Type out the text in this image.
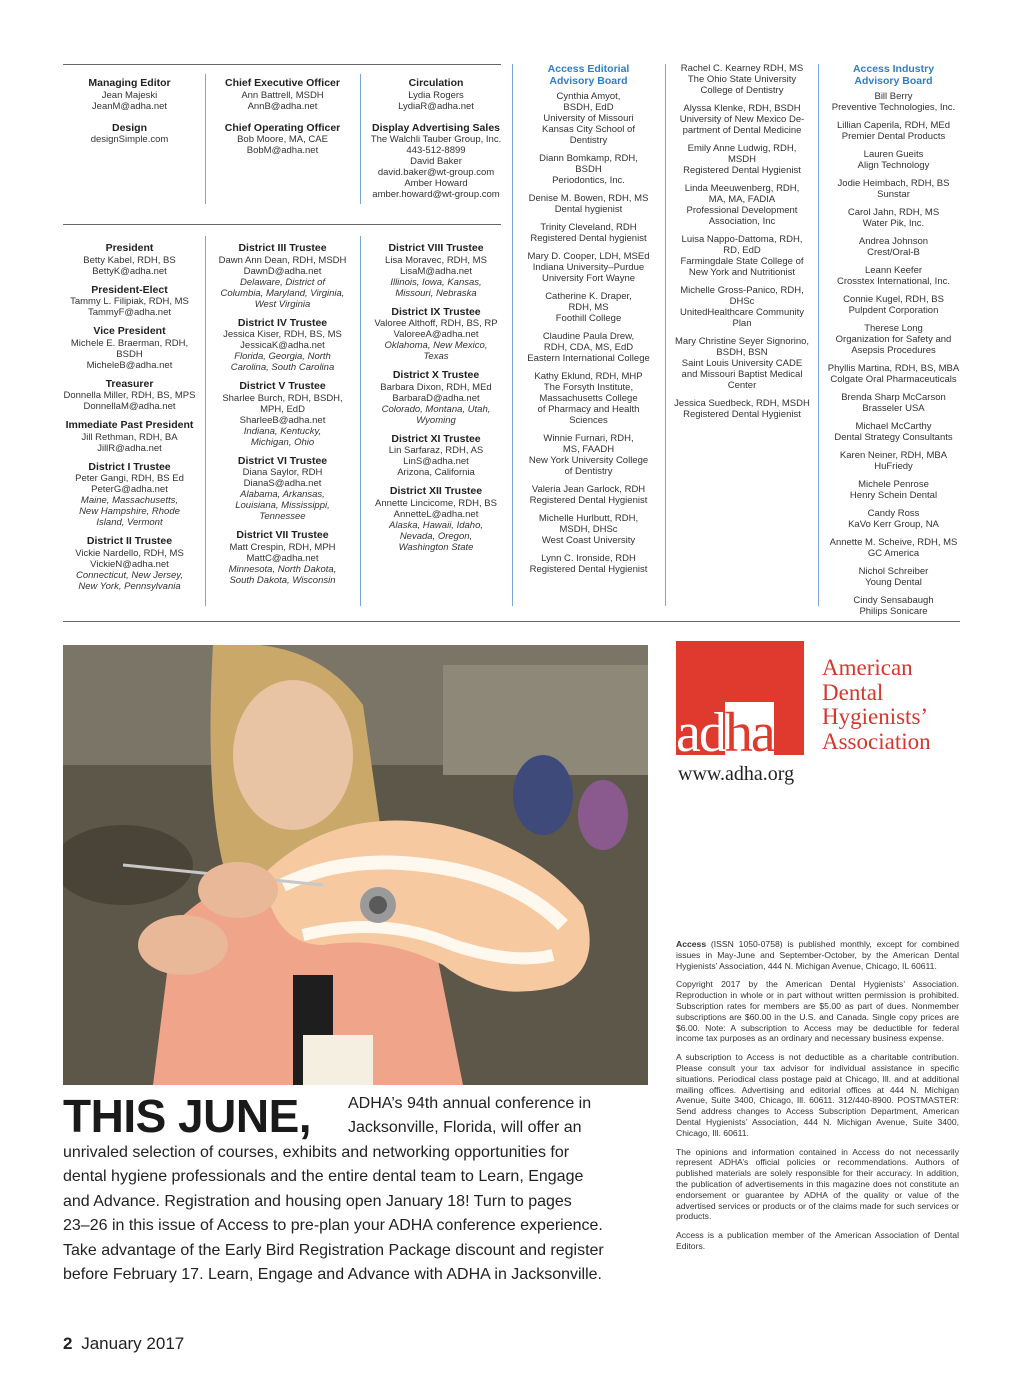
Managing Editor
Jean Majeski
JeanM@adha.net
Design
designSimple.com
Chief Executive Officer
Ann Battrell, MSDH
AnnB@adha.net
Chief Operating Officer
Bob Moore, MA, CAE
BobM@adha.net
Circulation
Lydia Rogers
LydiaR@adha.net
Display Advertising Sales
The Walchli Tauber Group, Inc.
443-512-8899
David Baker
david.baker@wt-group.com
Amber Howard
amber.howard@wt-group.com
President
Betty Kabel, RDH, BS
BettyK@adha.net
President-Elect
Tammy L. Filipiak, RDH, MS
TammyF@adha.net
Vice President
Michele E. Braerman, RDH,
BSDH
MicheleB@adha.net
Treasurer
Donnella Miller, RDH, BS, MPS
DonnellaM@adha.net
Immediate Past President
Jill Rethman, RDH, BA
JillR@adha.net
District I Trustee
Peter Gangi, RDH, BS Ed
PeterG@adha.net
Maine, Massachusetts,
New Hampshire, Rhode
Island, Vermont
District II Trustee
Vickie Nardello, RDH, MS
VickieN@adha.net
Connecticut, New Jersey,
New York, Pennsylvania
District III Trustee
Dawn Ann Dean, RDH, MSDH
DawnD@adha.net
Delaware, District of
Columbia, Maryland, Virginia,
West Virginia
District IV Trustee
Jessica Kiser, RDH, BS, MS
JessicaK@adha.net
Florida, Georgia, North
Carolina, South Carolina
District V Trustee
Sharlee Burch, RDH, BSDH,
MPH, EdD
SharleeB@adha.net
Indiana, Kentucky,
Michigan, Ohio
District VI Trustee
Diana Saylor, RDH
DianaS@adha.net
Alabama, Arkansas,
Louisiana, Mississippi,
Tennessee
District VII Trustee
Matt Crespin, RDH, MPH
MattC@adha.net
Minnesota, North Dakota,
South Dakota, Wisconsin
District VIII Trustee
Lisa Moravec, RDH, MS
LisaM@adha.net
Illinois, Iowa, Kansas,
Missouri, Nebraska
District IX Trustee
Valoree Althoff, RDH, BS, RP
ValoreeA@adha.net
Oklahoma, New Mexico,
Texas
District X Trustee
Barbara Dixon, RDH, MEd
BarbaraD@adha.net
Colorado, Montana, Utah,
Wyoming
District XI Trustee
Lin Sarfaraz, RDH, AS
LinS@adha.net
Arizona, California
District XII Trustee
Annette Lincicome, RDH, BS
AnnetteL@adha.net
Alaska, Hawaii, Idaho,
Nevada, Oregon,
Washington State
Access Editorial
Advisory Board
Cynthia Amyot,
BSDH, EdD
University of Missouri
Kansas City School of
Dentistry
Diann Bomkamp, RDH,
BSDH
Periodontics, Inc.
Denise M. Bowen, RDH, MS
Dental hygienist
Trinity Cleveland, RDH
Registered Dental hygienist
Mary D. Cooper, LDH, MSEd
Indiana University–Purdue
University Fort Wayne
Catherine K. Draper,
RDH, MS
Foothill College
Claudine Paula Drew,
RDH, CDA, MS, EdD
Eastern International College
Kathy Eklund, RDH, MHP
The Forsyth Institute,
Massachusetts College
of Pharmacy and Health
Sciences
Winnie Furnari, RDH,
MS, FAADH
New York University College
of Dentistry
Valeria Jean Garlock, RDH
Registered Dental Hygienist
Michelle Hurlbutt, RDH,
MSDH, DHSc
West Coast University
Lynn C. Ironside, RDH
Registered Dental Hygienist
Rachel C. Kearney RDH, MS
The Ohio State University
College of Dentistry
Alyssa Klenke, RDH, BSDH
University of New Mexico De-
partment of Dental Medicine
Emily Anne Ludwig, RDH,
MSDH
Registered Dental Hygienist
Linda Meeuwenberg, RDH,
MA, MA, FADIA
Professional Development
Association, Inc
Luisa Nappo-Dattoma, RDH,
RD, EdD
Farmingdale State College of
New York and Nutritionist
Michelle Gross-Panico, RDH,
DHSc
UnitedHealthcare Community
Plan
Mary Christine Seyer Signorino,
BSDH, BSN
Saint Louis University CADE
and Missouri Baptist Medical
Center
Jessica Suedbeck, RDH, MSDH
Registered Dental Hygienist
Access Industry
Advisory Board
Bill Berry
Preventive Technologies, Inc.
Lillian Caperila, RDH, MEd
Premier Dental Products
Lauren Gueits
Align Technology
Jodie Heimbach, RDH, BS
Sunstar
Carol Jahn, RDH, MS
Water Pik, Inc.
Andrea Johnson
Crest/Oral-B
Leann Keefer
Crosstex International, Inc.
Connie Kugel, RDH, BS
Pulpdent Corporation
Therese Long
Organization for Safety and
Asepsis Procedures
Phyllis Martina, RDH, BS, MBA
Colgate Oral Pharmaceuticals
Brenda Sharp McCarson
Brasseler USA
Michael McCarthy
Dental Strategy Consultants
Karen Neiner, RDH, MBA
HuFriedy
Michele Penrose
Henry Schein Dental
Candy Ross
KaVo Kerr Group, NA
Annette M. Scheive, RDH, MS
GC America
Nichol Schreiber
Young Dental
Cindy Sensabaugh
Philips Sonicare
adha
American
Dental
Hygienists’
Association
www.adha.org

Access (ISSN 1050-0758) is published monthly, except for combined issues in May-June and September-October, by the American Dental Hygienists’ Association, 444 N. Michigan Avenue, Chicago, IL 60611.

Copyright 2017 by the American Dental Hygienists’ Association. Reproduction in whole or in part without written permission is prohibited. Subscription rates for members are $5.00 as part of dues. Nonmember subscriptions are $60.00 in the U.S. and Canada. Single copy prices are $6.00. Note: A subscription to Access may be deductible for federal income tax purposes as an ordinary and necessary business expense.

A subscription to Access is not deductible as a charitable contribution. Please consult your tax advisor for individual assistance in specific situations. Periodical class postage paid at Chicago, Ill. and at additional mailing offices. Advertising and editorial offices at 444 N. Michigan Avenue, Suite 3400, Chicago, Ill. 60611. 312/440-8900. POSTMASTER: Send address changes to Access Subscription Department, American Dental Hygienists’ Association, 444 N. Michigan Avenue, Suite 3400, Chicago, Ill. 60611.

The opinions and information contained in Access do not necessarily represent ADHA’s official policies or recommendations. Authors of published materials are solely responsible for their accuracy. In addition, the publication of advertisements in this magazine does not constitute an endorsement or guarantee by ADHA of the quality or value of the advertised services or products or of the claims made for such services or products.

Access is a publication member of the American Association of Dental Editors.

THIS JUNE, ADHA’s 94th annual conference in
Jacksonville, Florida, will offer an
unrivaled selection of courses, exhibits and networking opportunities for
dental hygiene professionals and the entire dental team to Learn, Engage
and Advance. Registration and housing open January 18! Turn to pages
23–26 in this issue of Access to pre-plan your ADHA conference experience.
Take advantage of the Early Bird Registration Package discount and register
before February 17. Learn, Engage and Advance with ADHA in Jacksonville.
2 January 2017
